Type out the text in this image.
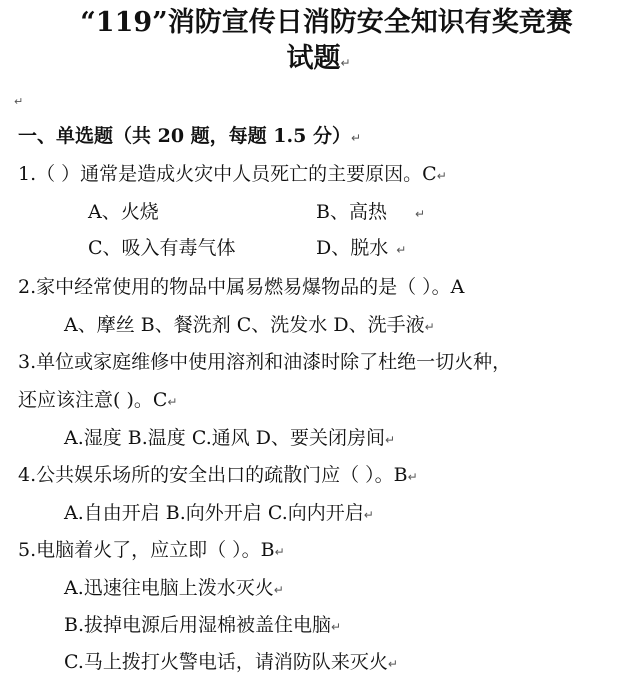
“119”消防宣传日消防安全知识有奖竞赛
试题↵
↵
一、单选题（共 20 题，每题 1.5 分）↵
1.（ ）通常是造成火灾中人员死亡的主要原因。C↵
A、火烧	B、高热 ↵
C、吸入有毒气体	D、脱水 ↵
2.家中经常使用的物品中属易燃易爆物品的是（ ）。A
A、摩丝 B、餐洗剂 C、洗发水 D、洗手液↵
3.单位或家庭维修中使用溶剂和油漆时除了杜绝一切火种，
还应该注意( )。C↵
A.湿度 B.温度 C.通风 D、要关闭房间↵
4.公共娱乐场所的安全出口的疏散门应（ ）。B↵
A.自由开启 B.向外开启 C.向内开启↵
5.电脑着火了，应立即（ ）。B↵
A.迅速往电脑上泼水灭火↵
B.拔掉电源后用湿棉被盖住电脑↵
C.马上拨打火警电话，请消防队来灭火↵
